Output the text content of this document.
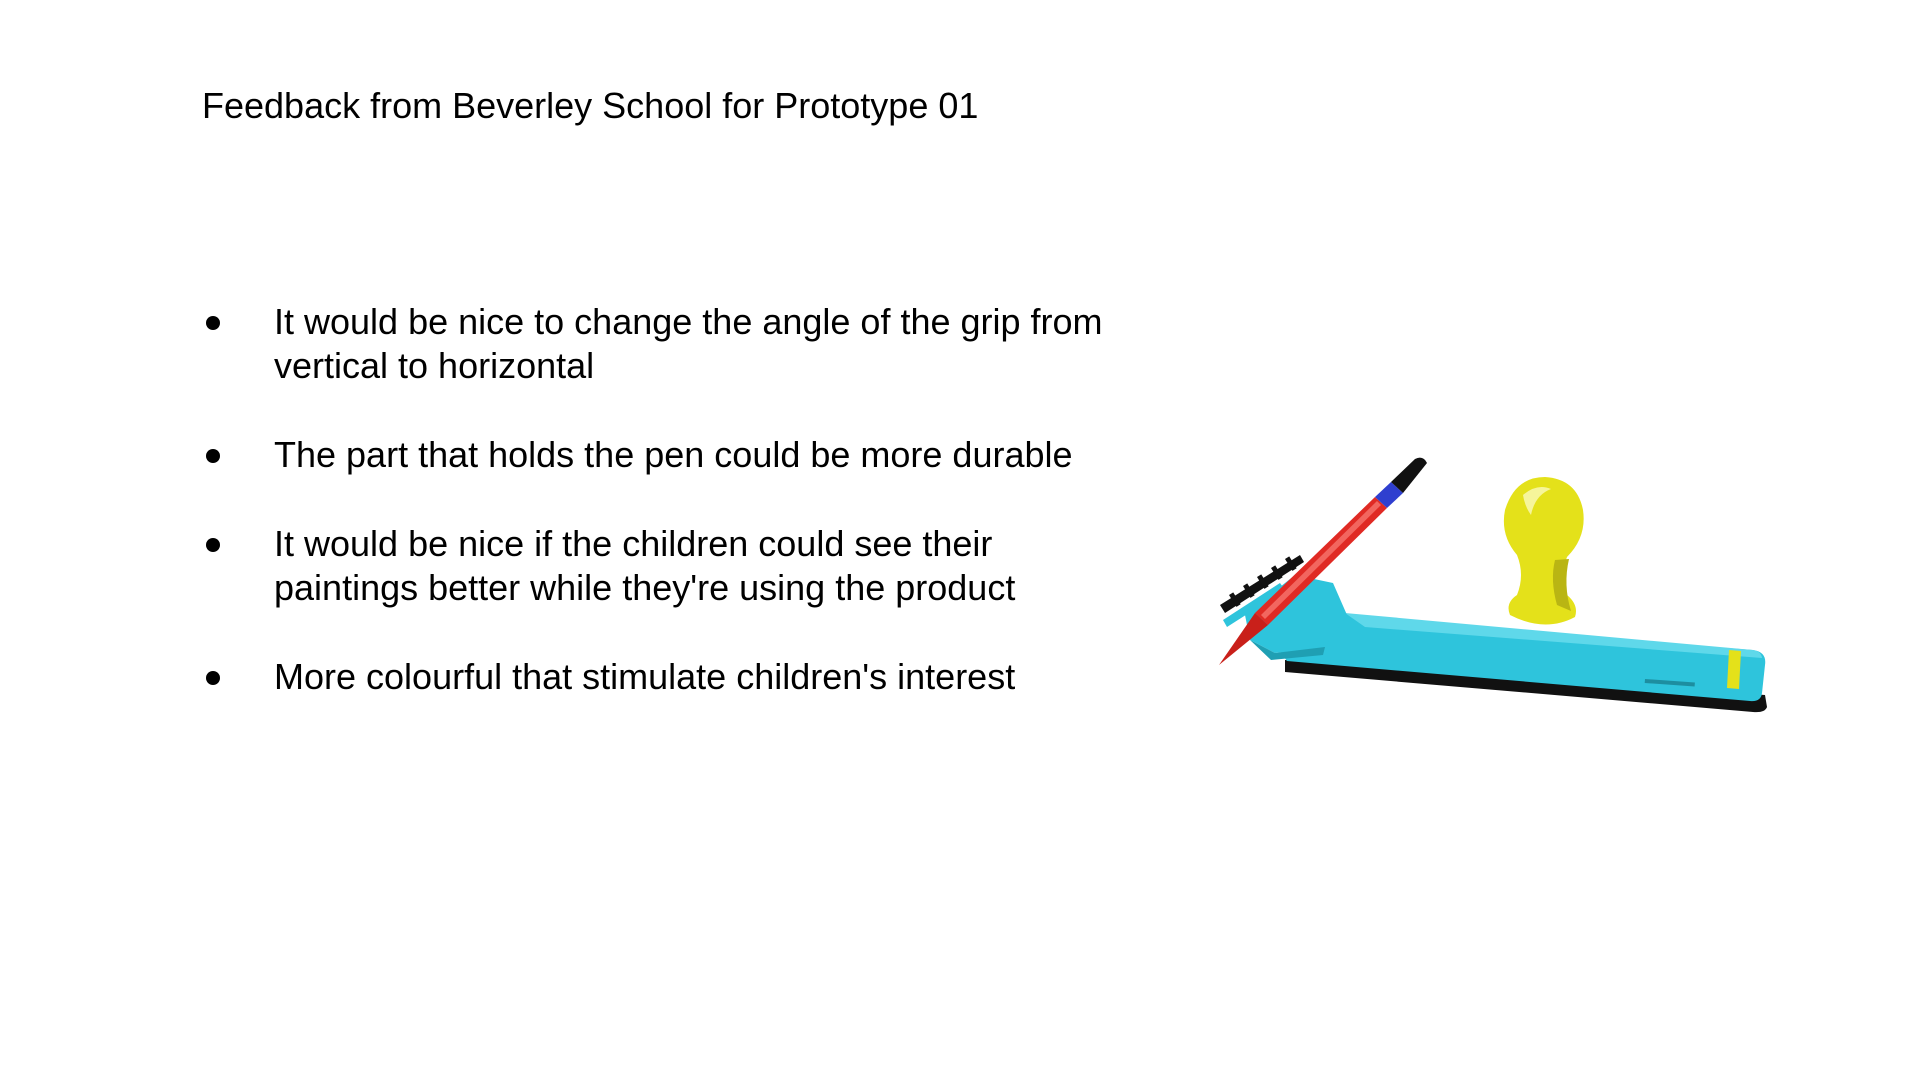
Feedback from Beverley School for Prototype 01
It would be nice to change the angle of the grip from vertical to horizontal
The part that holds the pen could be more durable
It would be nice if the children could see their paintings better while they're using the product
More colourful that stimulate children's interest
